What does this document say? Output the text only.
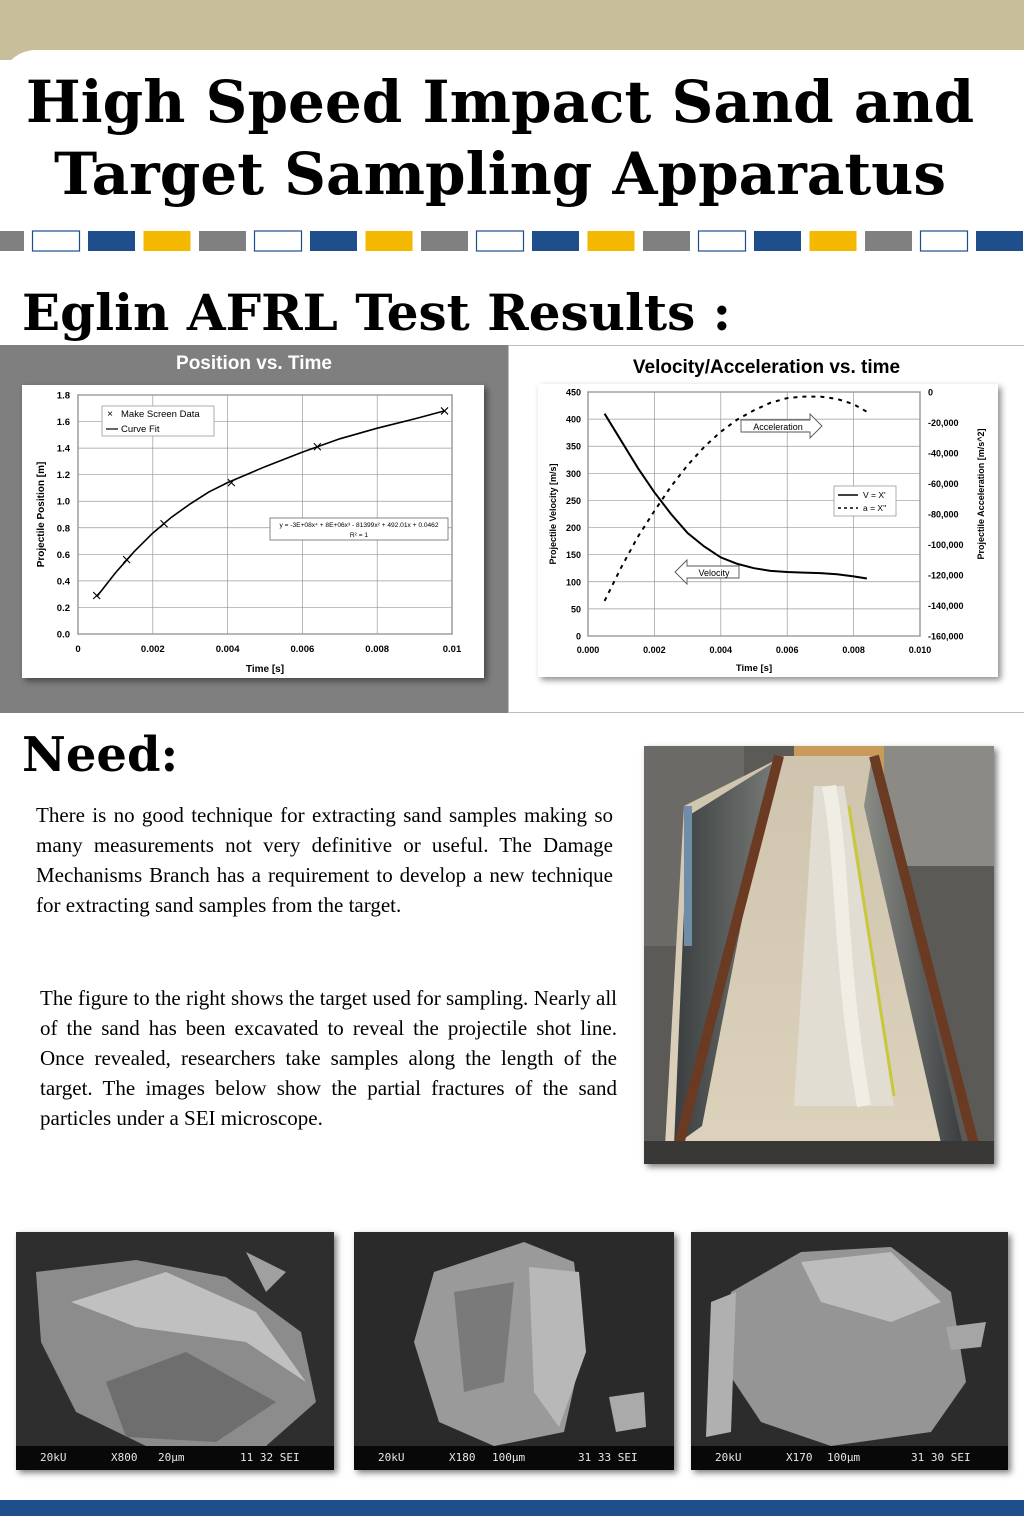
High Speed Impact Sand and
Target Sampling Apparatus
Eglin AFRL Test Results :
Position vs. Time
0	0.002	0.004	0.006	0.008	0.01
0.0
0.2
0.4
0.6
0.8
1.0
1.2
1.4
1.6
1.8
Time [s]
Projectile Position [m]
× Make Screen Data
Curve Fit
y = -3E+08x⁴ + 8E+06x³ - 81399x² + 492.01x + 0.0462
R² = 1
Velocity/Acceleration vs. time
0.000	0.002	0.004	0.006	0.008	0.010
0
50
100
150
200
250
300
350
400
450	0
-20,000
-40,000
-60,000
-80,000
-100,000
-120,000
-140,000
-160,000
Time [s]
Projectile Velocity [m/s]	Projectile Acceleration [m/s^2]
Acceleration
Velocity
V = X'
a = X''
Need:
There is no good technique for extracting sand samples making so many measurements not very definitive or useful. The Damage Mechanisms Branch has a requirement to develop a new technique for extracting sand samples from the target.
The figure to the right shows the target used for sampling. Nearly all of the sand has been excavated to reveal the projectile shot line. Once revealed, researchers take samples along the length of the target. The images below show the partial fractures of the sand particles under a SEI microscope.
20kU	X800 20µm	11 32 SEI	20kU	X180 100µm	31 33 SEI	20kU	X170 100µm	31 30 SEI
